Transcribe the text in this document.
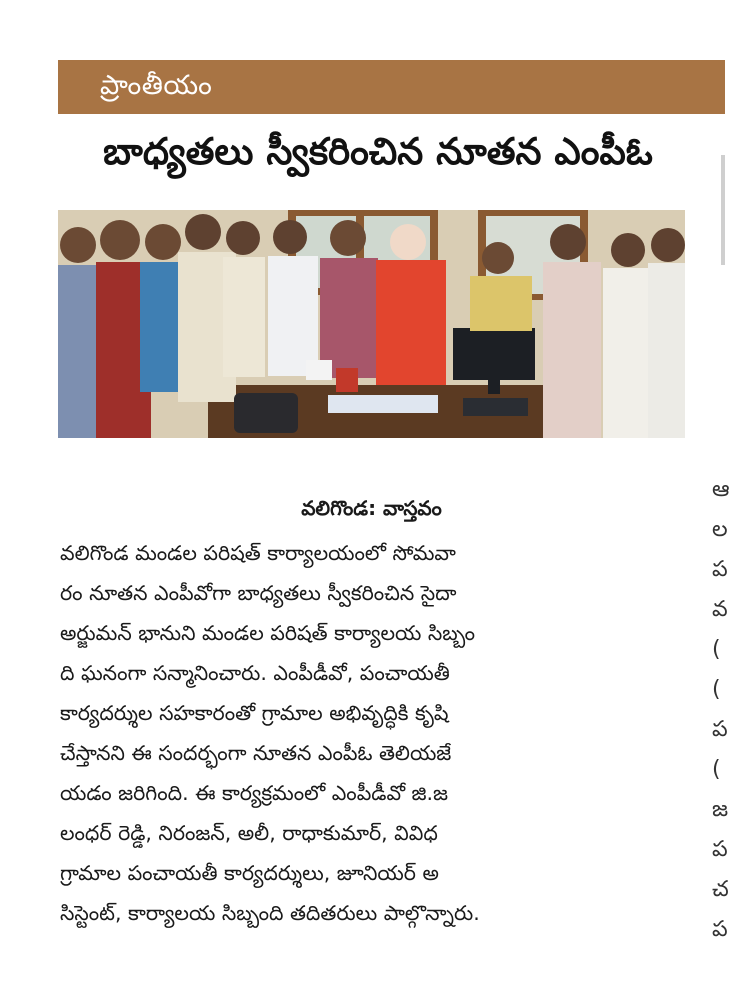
ప్రాంతీయం
బాధ్యతలు స్వీకరించిన నూతన ఎంపీఓ
వలిగొండ: వాస్తవం
వలిగొండ మండల పరిషత్ కార్యాలయంలో సోమవా
రం నూతన ఎంపీవోగా బాధ్యతలు స్వీకరించిన సైదా
అర్జుమన్ భానుని మండల పరిషత్ కార్యాలయ సిబ్బం
ది ఘనంగా సన్మానించారు. ఎంపీడీవో, పంచాయతీ
కార్యదర్శుల సహకారంతో గ్రామాల అభివృద్ధికి కృషి
చేస్తానని ఈ సందర్భంగా నూతన ఎంపీఓ తెలియజే
యడం జరిగింది. ఈ కార్యక్రమంలో ఎంపీడీవో జి.జ
లంధర్ రెడ్డి, నిరంజన్, అలీ, రాధాకుమార్, వివిధ
గ్రామాల పంచాయతీ కార్యదర్శులు, జూనియర్ అ
సిస్టెంట్, కార్యాలయ సిబ్బంది తదితరులు పాల్గొన్నారు.
ఆ
ల
ప
వ
(
(
ప
(
జ
ప
చ
ప
